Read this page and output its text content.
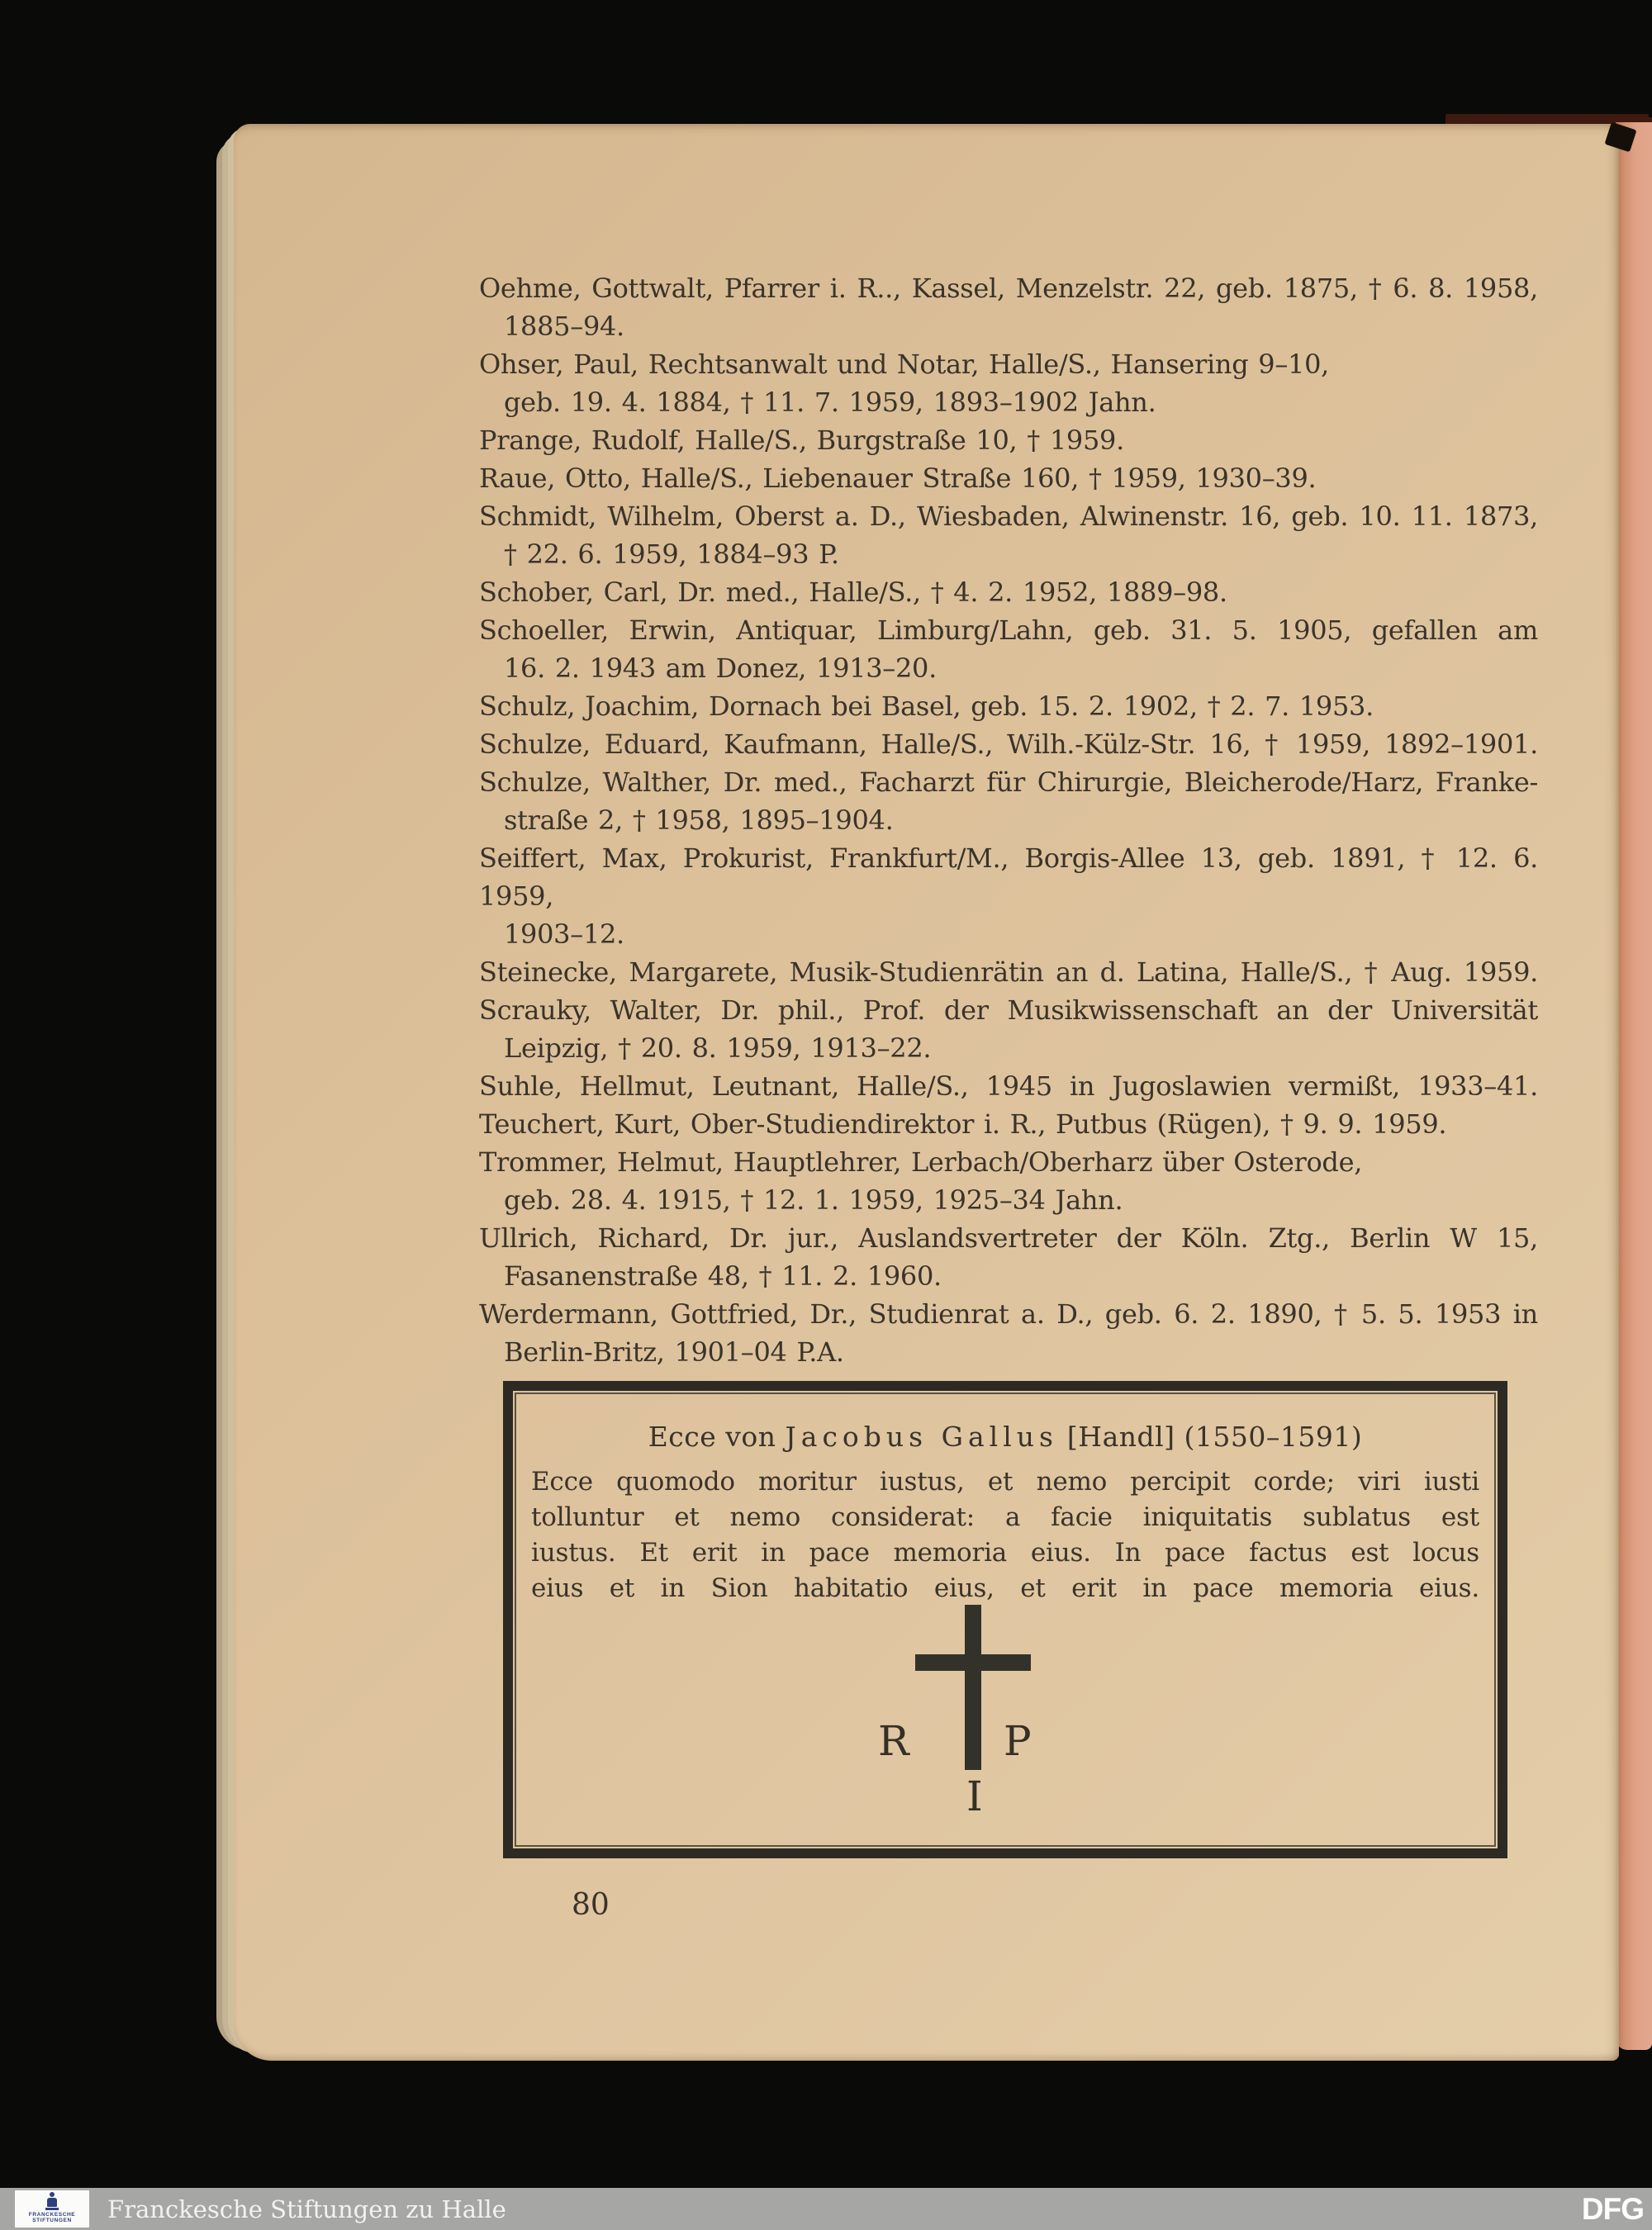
Oehme, Gottwalt, Pfarrer i. R.., Kassel, Menzelstr. 22, geb. 1875, † 6. 8. 1958,
1885–94.
Ohser, Paul, Rechtsanwalt und Notar, Halle/S., Hansering 9–10,
geb. 19. 4. 1884, † 11. 7. 1959, 1893–1902 Jahn.
Prange, Rudolf, Halle/S., Burgstraße 10, † 1959.
Raue, Otto, Halle/S., Liebenauer Straße 160, † 1959, 1930–39.
Schmidt, Wilhelm, Oberst a. D., Wiesbaden, Alwinenstr. 16, geb. 10. 11. 1873,
† 22. 6. 1959, 1884–93 P.
Schober, Carl, Dr. med., Halle/S., † 4. 2. 1952, 1889–98.
Schoeller, Erwin, Antiquar, Limburg/Lahn, geb. 31. 5. 1905, gefallen am
16. 2. 1943 am Donez, 1913–20.
Schulz, Joachim, Dornach bei Basel, geb. 15. 2. 1902, † 2. 7. 1953.
Schulze, Eduard, Kaufmann, Halle/S., Wilh.-Külz-Str. 16, † 1959, 1892–1901.
Schulze, Walther, Dr. med., Facharzt für Chirurgie, Bleicherode/Harz, Franke-
straße 2, † 1958, 1895–1904.
Seiffert, Max, Prokurist, Frankfurt/M., Borgis-Allee 13, geb. 1891, † 12. 6. 1959,
1903–12.
Steinecke, Margarete, Musik-Studienrätin an d. Latina, Halle/S., † Aug. 1959.
Scrauky, Walter, Dr. phil., Prof. der Musikwissenschaft an der Universität
Leipzig, † 20. 8. 1959, 1913–22.
Suhle, Hellmut, Leutnant, Halle/S., 1945 in Jugoslawien vermißt, 1933–41.
Teuchert, Kurt, Ober-Studiendirektor i. R., Putbus (Rügen), † 9. 9. 1959.
Trommer, Helmut, Hauptlehrer, Lerbach/Oberharz über Osterode,
geb. 28. 4. 1915, † 12. 1. 1959, 1925–34 Jahn.
Ullrich, Richard, Dr. jur., Auslandsvertreter der Köln. Ztg., Berlin W 15,
Fasanenstraße 48, † 11. 2. 1960.
Werdermann, Gottfried, Dr., Studienrat a. D., geb. 6. 2. 1890, † 5. 5. 1953 in
Berlin-Britz, 1901–04 P.A.
Ecce von Jacobus Gallus [Handl] (1550–1591)
Ecce quomodo moritur iustus, et nemo percipit corde; viri iusti
tolluntur et nemo considerat: a facie iniquitatis sublatus est
iustus. Et erit in pace memoria eius. In pace factus est locus
eius et in Sion habitatio eius, et erit in pace memoria eius.
R P
I
80
FRANCKESCHE
STIFTUNGEN Franckesche Stiftungen zu Halle	DFG
